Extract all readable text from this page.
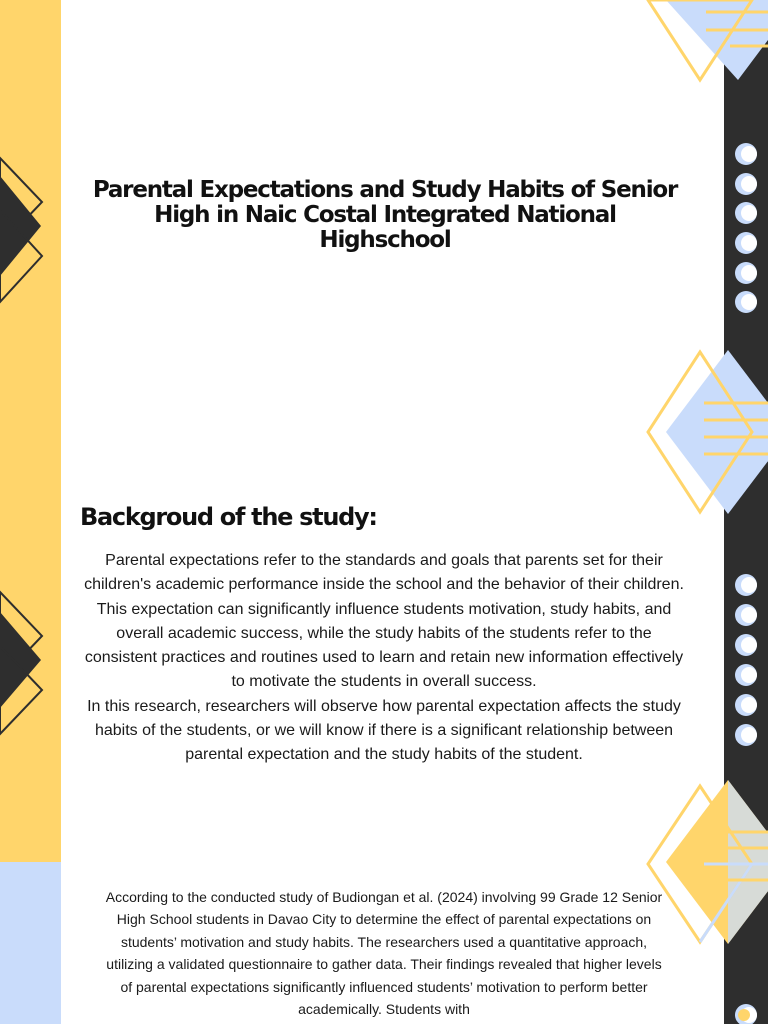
Parental Expectations and Study Habits of Senior High in Naic Costal Integrated National Highschool
Backgroud of the study:

Parental expectations refer to the standards and goals that parents set for their children's academic performance inside the school and the behavior of their children. This expectation can significantly influence students motivation, study habits, and overall academic success, while the study habits of the students refer to the consistent practices and routines used to learn and retain new information effectively to motivate the students in overall success.

In this research, researchers will observe how parental expectation affects the study habits of the students, or we will know if there is a significant relationship between parental expectation and the study habits of the student.

According to the conducted study of Budiongan et al. (2024) involving 99 Grade 12 Senior High School students in Davao City to determine the effect of parental expectations on students’ motivation and study habits. The researchers used a quantitative approach, utilizing a validated questionnaire to gather data. Their findings revealed that higher levels of parental expectations significantly influenced students’ motivation to perform better academically. Students with
